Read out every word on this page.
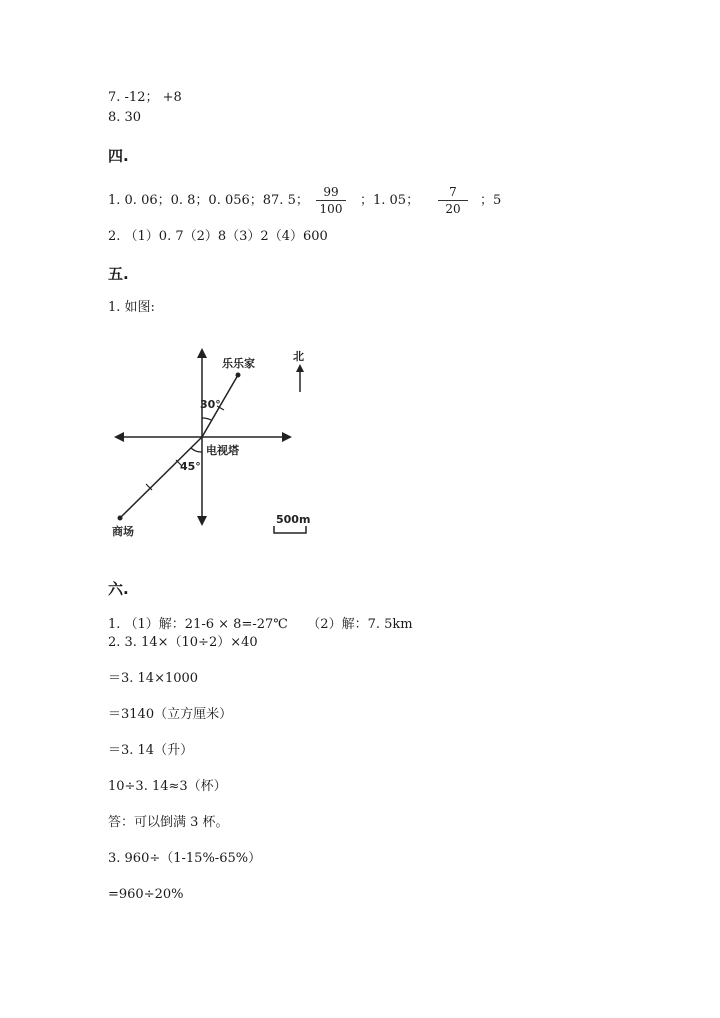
7. -12； +8
8. 30
四.
1. 0. 06；0. 8；0. 056；87. 5；
99
100
；1. 05；
7
20
；5
2. （1）0. 7（2）8（3）2（4）600
五.
1. 如图:
乐乐家
30°
电视塔
45°
商场
北
500m
六.
1. （1）解：21-6 × 8=-27℃　　（2）解：7. 5km
2. 3. 14×（10÷2）×40
＝3. 14×1000
＝3140（立方厘米）
＝3. 14（升）
10÷3. 14≈3（杯）
答：可以倒满 3 杯。
3. 960÷（1-15%-65%）
=960÷20%
